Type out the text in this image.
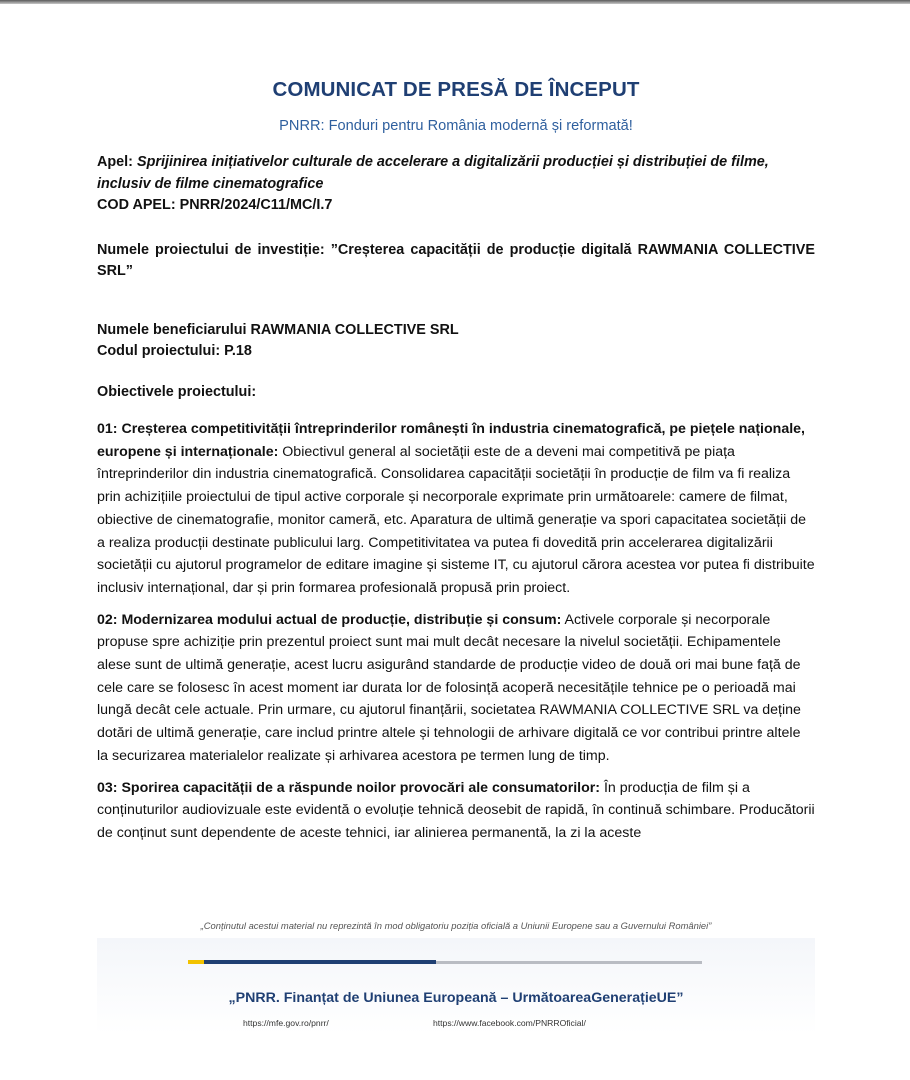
COMUNICAT DE PRESĂ DE ÎNCEPUT
PNRR: Fonduri pentru România modernă și reformată!
Apel: Sprijinirea inițiativelor culturale de accelerare a digitalizării producției și distribuției de filme, inclusiv de filme cinematografice
COD APEL: PNRR/2024/C11/MC/I.7
Numele proiectului de investiție: ”Creșterea capacității de producție digitală RAWMANIA COLLECTIVE SRL”
Numele beneficiarului RAWMANIA COLLECTIVE SRL
Codul proiectului: P.18
Obiectivele proiectului:
01: Creșterea competitivității întreprinderilor românești în industria cinematografică, pe piețele naționale, europene și internaționale: Obiectivul general al societății este de a deveni mai competitivă pe piața întreprinderilor din industria cinematografică. Consolidarea capacității societății în producție de film va fi realiza prin achizițiile proiectului de tipul active corporale și necorporale exprimate prin următoarele: camere de filmat, obiective de cinematografie, monitor cameră, etc. Aparatura de ultimă generație va spori capacitatea societății de a realiza producții destinate publicului larg. Competitivitatea va putea fi dovedită prin accelerarea digitalizării societății cu ajutorul programelor de editare imagine și sisteme IT, cu ajutorul cărora acestea vor putea fi distribuite inclusiv internațional, dar și prin formarea profesională propusă prin proiect.
02: Modernizarea modului actual de producție, distribuție și consum: Activele corporale și necorporale propuse spre achiziție prin prezentul proiect sunt mai mult decât necesare la nivelul societății. Echipamentele alese sunt de ultimă generație, acest lucru asigurând standarde de producție video de două ori mai bune față de cele care se folosesc în acest moment iar durata lor de folosință acoperă necesitățile tehnice pe o perioadă mai lungă decât cele actuale. Prin urmare, cu ajutorul finanțării, societatea RAWMANIA COLLECTIVE SRL va deține dotări de ultimă generație, care includ printre altele și tehnologii de arhivare digitală ce vor contribui printre altele la securizarea materialelor realizate și arhivarea acestora pe termen lung de timp.
03: Sporirea capacității de a răspunde noilor provocări ale consumatorilor: În producția de film și a conținuturilor audiovizuale este evidentă o evoluție tehnică deosebit de rapidă, în continuă schimbare. Producătorii de conținut sunt dependente de aceste tehnici, iar alinierea permanentă, la zi la aceste
„Conținutul acestui material nu reprezintă în mod obligatoriu poziția oficială a Uniunii Europene sau a Guvernului României”
„PNRR. Finanțat de Uniunea Europeană – UrmătoareaGenerațieUE”
https://mfe.gov.ro/pnrr/	https://www.facebook.com/PNRROficial/
